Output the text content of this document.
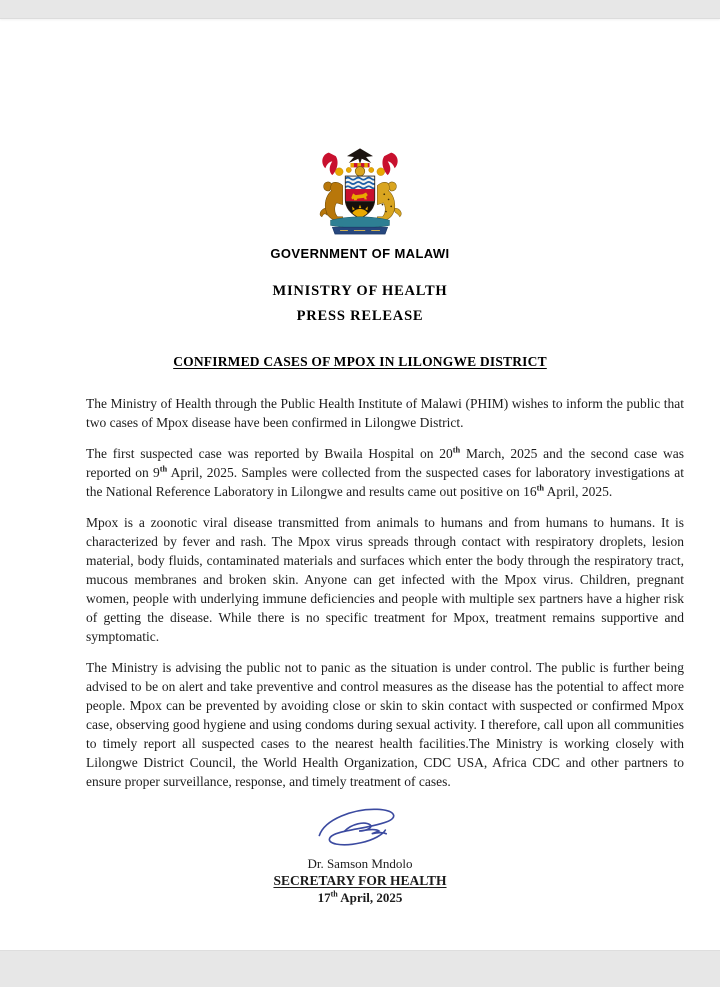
GOVERNMENT OF MALAWI
MINISTRY OF HEALTH
PRESS RELEASE
CONFIRMED CASES OF MPOX IN LILONGWE DISTRICT

The Ministry of Health through the Public Health Institute of Malawi (PHIM) wishes to inform the public that two cases of Mpox disease have been confirmed in Lilongwe District.

The first suspected case was reported by Bwaila Hospital on 20th March, 2025 and the second case was reported on 9th April, 2025. Samples were collected from the suspected cases for laboratory investigations at the National Reference Laboratory in Lilongwe and results came out positive on 16th April, 2025.

Mpox is a zoonotic viral disease transmitted from animals to humans and from humans to humans. It is characterized by fever and rash. The Mpox virus spreads through contact with respiratory droplets, lesion material, body fluids, contaminated materials and surfaces which enter the body through the respiratory tract, mucous membranes and broken skin. Anyone can get infected with the Mpox virus. Children, pregnant women, people with underlying immune deficiencies and people with multiple sex partners have a higher risk of getting the disease. While there is no specific treatment for Mpox, treatment remains supportive and symptomatic.

The Ministry is advising the public not to panic as the situation is under control. The public is further being advised to be on alert and take preventive and control measures as the disease has the potential to affect more people. Mpox can be prevented by avoiding close or skin to skin contact with suspected or confirmed Mpox case, observing good hygiene and using condoms during sexual activity. I therefore, call upon all communities to timely report all suspected cases to the nearest health facilities.The Ministry is working closely with Lilongwe District Council, the World Health Organization, CDC USA, Africa CDC and other partners to ensure proper surveillance, response, and timely treatment of cases.

Dr. Samson Mndolo
SECRETARY FOR HEALTH
17th April, 2025
